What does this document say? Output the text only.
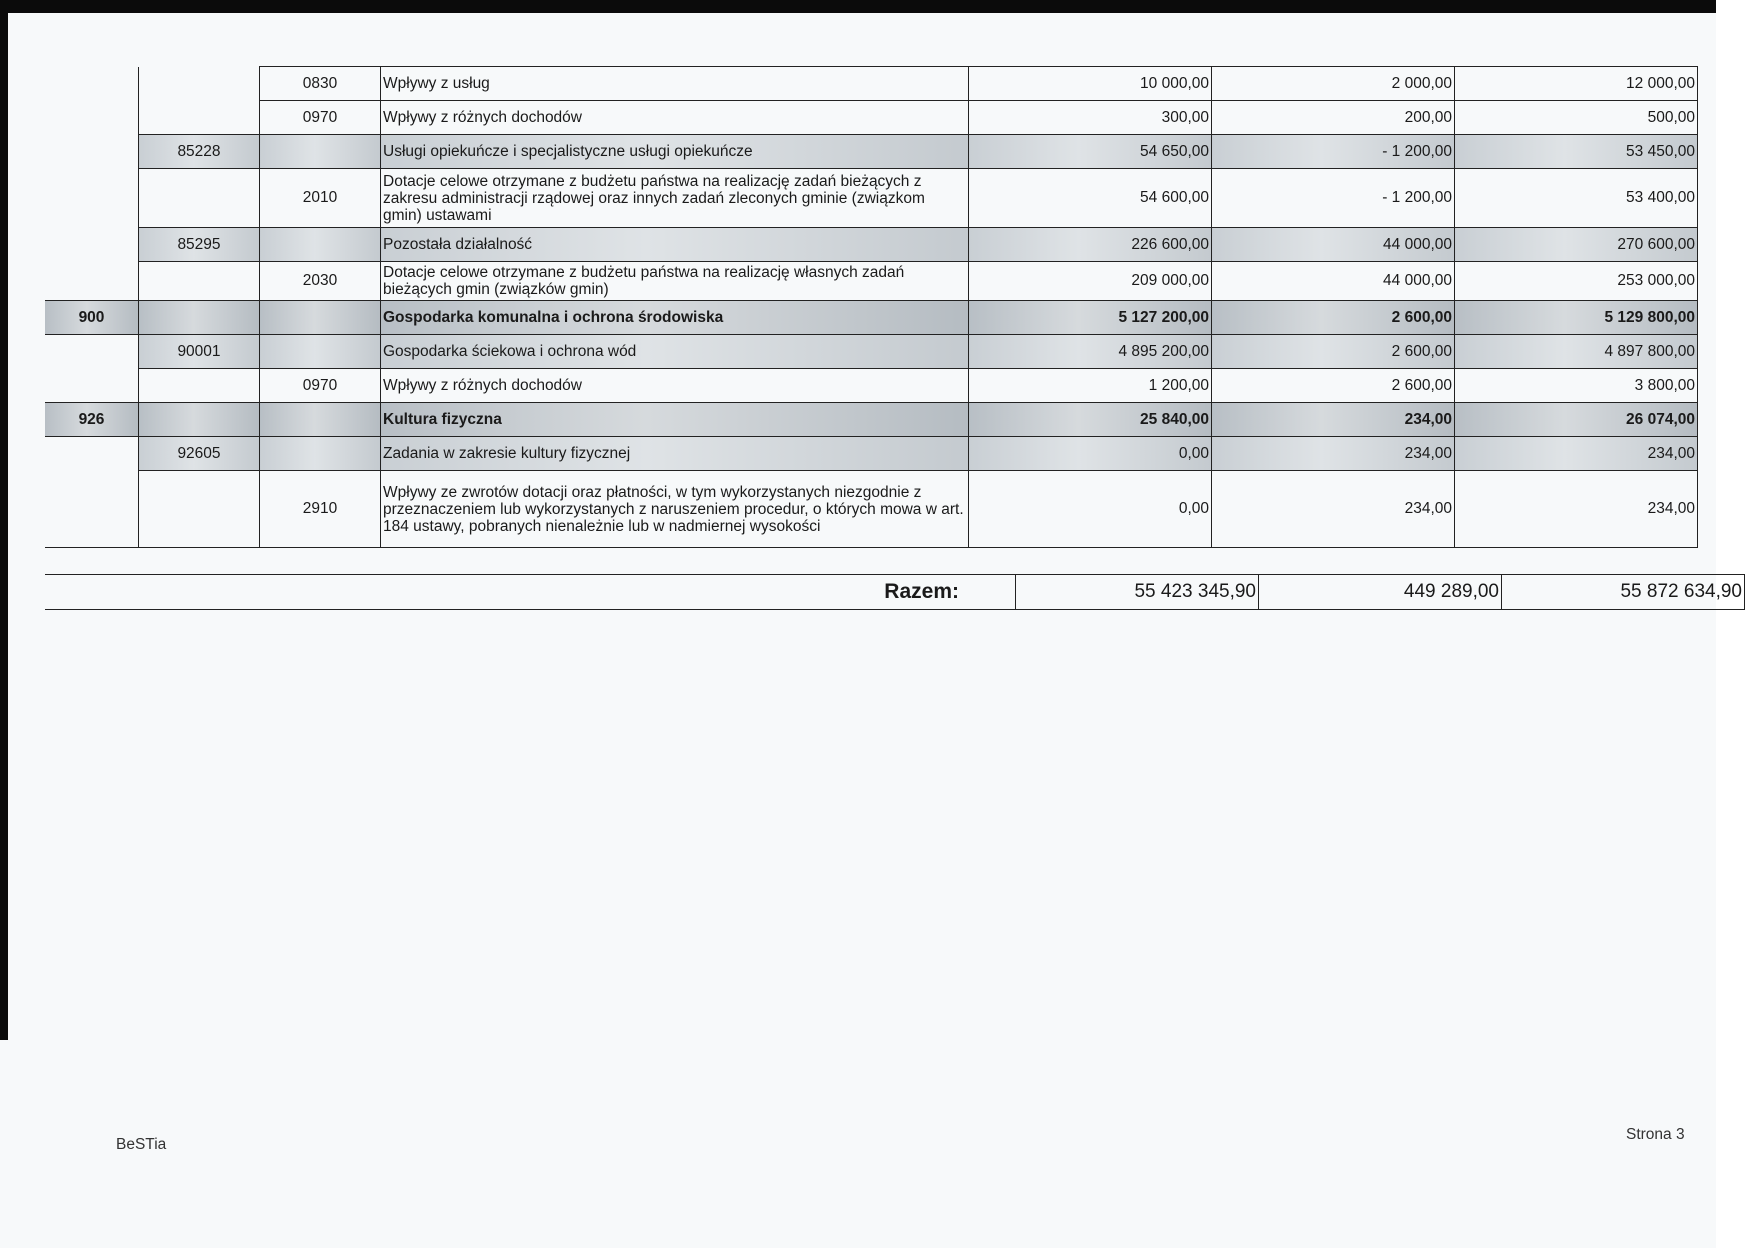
		0830	Wpływy z usług	10 000,00	2 000,00	12 000,00
		0970	Wpływy z różnych dochodów	300,00	200,00	500,00
	85228		Usługi opiekuńcze i specjalistyczne usługi opiekuńcze	54 650,00	- 1 200,00	53 450,00
		2010	Dotacje celowe otrzymane z budżetu państwa na realizację zadań bieżących z zakresu administracji rządowej oraz innych zadań zleconych gminie (związkom gmin) ustawami	54 600,00	- 1 200,00	53 400,00
	85295		Pozostała działalność	226 600,00	44 000,00	270 600,00
		2030	Dotacje celowe otrzymane z budżetu państwa na realizację własnych zadań bieżących gmin (związków gmin)	209 000,00	44 000,00	253 000,00
900			Gospodarka komunalna i ochrona środowiska	5 127 200,00	2 600,00	5 129 800,00
	90001		Gospodarka ściekowa i ochrona wód	4 895 200,00	2 600,00	4 897 800,00
		0970	Wpływy z różnych dochodów	1 200,00	2 600,00	3 800,00
926			Kultura fizyczna	25 840,00	234,00	26 074,00
	92605		Zadania w zakresie kultury fizycznej	0,00	234,00	234,00
		2910	Wpływy ze zwrotów dotacji oraz płatności, w tym wykorzystanych niezgodnie z przeznaczeniem lub wykorzystanych z naruszeniem procedur, o których mowa w art. 184 ustawy, pobranych nienależnie lub w nadmiernej wysokości	0,00	234,00	234,00
Razem:	55 423 345,90	449 289,00	55 872 634,90
BeSTia
Strona 3
